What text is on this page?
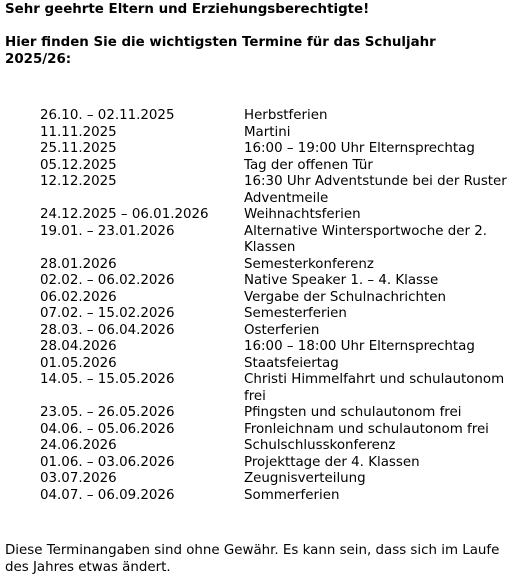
Sehr geehrte Eltern und Erziehungsberechtigte!

Hier finden Sie die wichtigsten Termine für das Schuljahr 2025/26:

26.10. – 02.11.2025	Herbstferien
11.11.2025	Martini
25.11.2025	16:00 – 19:00 Uhr Elternsprechtag
05.12.2025	Tag der offenen Tür
12.12.2025	16:30 Uhr Adventstunde bei der Ruster Adventmeile
24.12.2025 – 06.01.2026	Weihnachtsferien
19.01. – 23.01.2026	Alternative Wintersportwoche der 2. Klassen
28.01.2026	Semesterkonferenz
02.02. – 06.02.2026	Native Speaker 1. – 4. Klasse
06.02.2026	Vergabe der Schulnachrichten
07.02. – 15.02.2026	Semesterferien
28.03. – 06.04.2026	Osterferien
28.04.2026	16:00 – 18:00 Uhr Elternsprechtag
01.05.2026	Staatsfeiertag
14.05. – 15.05.2026	Christi Himmelfahrt und schulautonom frei
23.05. – 26.05.2026	Pfingsten und schulautonom frei
04.06. – 05.06.2026	Fronleichnam und schulautonom frei
24.06.2026	Schulschlusskonferenz
01.06. – 03.06.2026	Projekttage der 4. Klassen
03.07.2026	Zeugnisverteilung
04.07. – 06.09.2026	Sommerferien

Diese Terminangaben sind ohne Gewähr. Es kann sein, dass sich im Laufe des Jahres etwas ändert.
